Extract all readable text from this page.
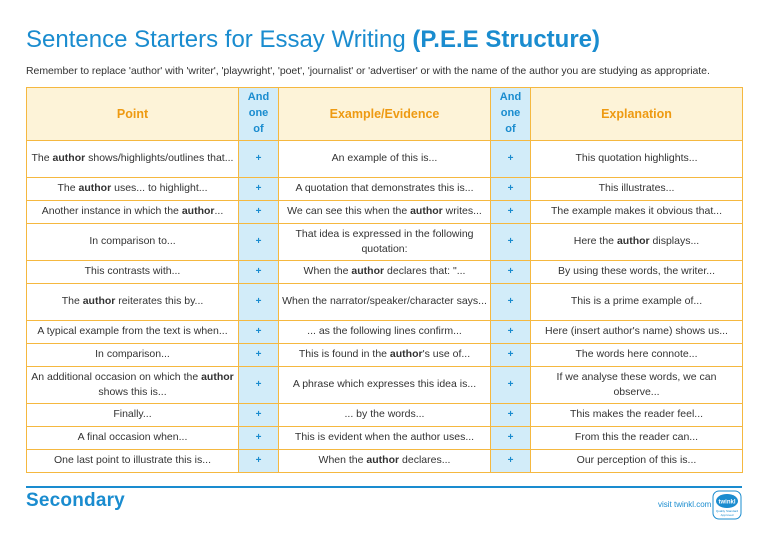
Sentence Starters for Essay Writing (P.E.E Structure)
Remember to replace 'author' with 'writer', 'playwright', 'poet', 'journalist' or 'advertiser' or with the name of the author you are studying as appropriate.
Point	And
one
of	Example/Evidence	And
one
of	Explanation
The author shows/highlights/outlines that...	+	An example of this is...	+	This quotation highlights...
The author uses... to highlight...	+	A quotation that demonstrates this is...	+	This illustrates...
Another instance in which the author...	+	We can see this when the author writes...	+	The example makes it obvious that...
In comparison to...	+	That idea is expressed in the following quotation:	+	Here the author displays...
This contrasts with...	+	When the author declares that: "...	+	By using these words, the writer...
The author reiterates this by...	+	When the narrator/speaker/character says...	+	This is a prime example of...
A typical example from the text is when...	+	... as the following lines confirm...	+	Here (insert author's name) shows us...
In comparison...	+	This is found in the author's use of...	+	The words here connote...
An additional occasion on which the author shows this is...	+	A phrase which expresses this idea is...	+	If we analyse these words, we can observe...
Finally...	+	... by the words...	+	This makes the reader feel...
A final occasion when...	+	This is evident when the author uses...	+	From this the reader can...
One last point to illustrate this is...	+	When the author declares...	+	Our perception of this is...
Secondary	visit twinkl.com twinkl
Quality Standard
Approved
